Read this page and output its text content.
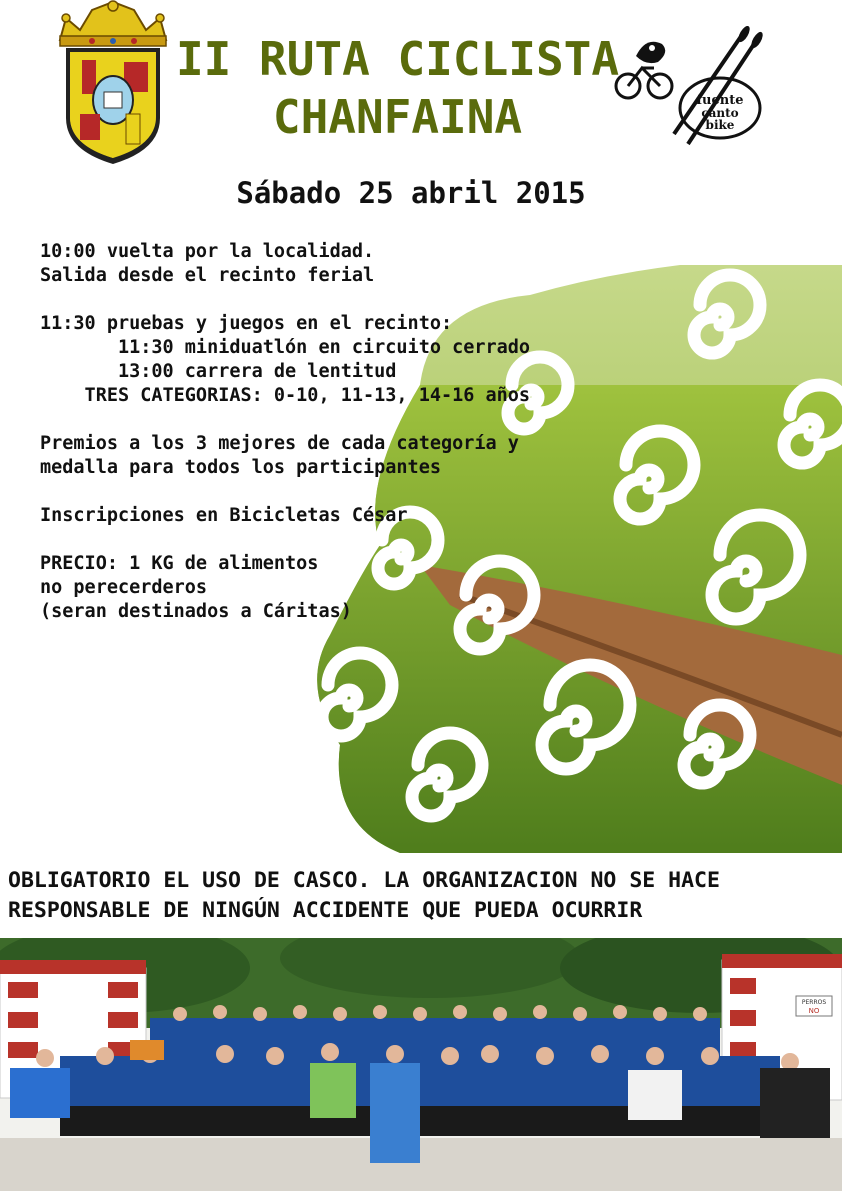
II RUTA CICLISTA
CHANFAINA	fuente
canto
bike
Sábado 25 abril 2015
10:00 vuelta por la localidad.
Salida desde el recinto ferial
11:30 pruebas y juegos en el recinto:
11:30 miniduatlón en circuito cerrado
13:00 carrera de lentitud
TRES CATEGORIAS: 0-10, 11-13, 14-16 años
Premios a los 3 mejores de cada categoría y
medalla para todos los participantes
Inscripciones en Bicicletas César
PRECIO: 1 KG de alimentos
no perecerderos
(seran destinados a Cáritas)
OBLIGATORIO EL USO DE CASCO. LA ORGANIZACION NO SE HACE
RESPONSABLE DE NINGÚN ACCIDENTE QUE PUEDA OCURRIR
PERROS
NO
